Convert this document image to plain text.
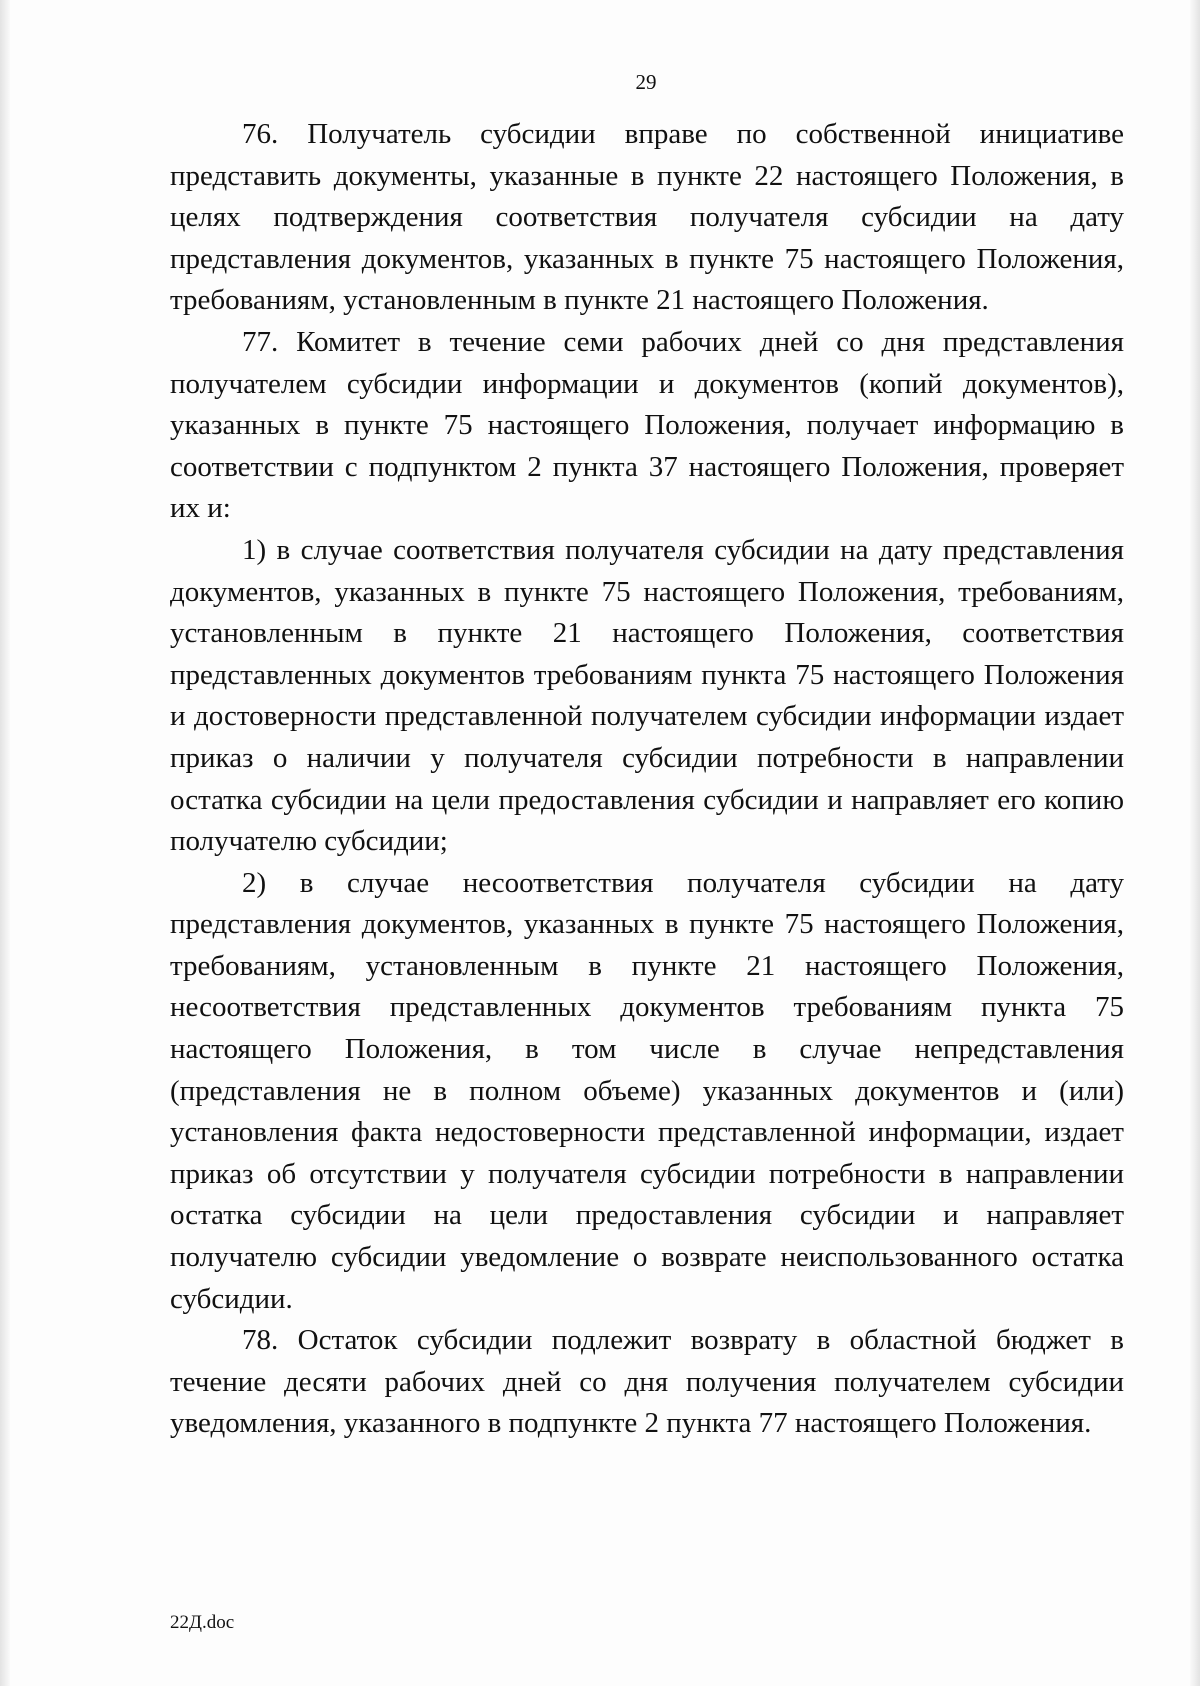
29

76. Получатель субсидии вправе по собственной инициативе представить документы, указанные в пункте 22 настоящего Положения, в целях подтверждения соответствия получателя субсидии на дату представления документов, указанных в пункте 75 настоящего Положения, требованиям, установленным в пункте 21 настоящего Положения.

77. Комитет в течение семи рабочих дней со дня представления получателем субсидии информации и документов (копий документов), указанных в пункте 75 настоящего Положения, получает информацию в соответствии с подпунктом 2 пункта 37 настоящего Положения, проверяет их и:

1) в случае соответствия получателя субсидии на дату представления документов, указанных в пункте 75 настоящего Положения, требованиям, установленным в пункте 21 настоящего Положения, соответствия представленных документов требованиям пункта 75 настоящего Положения и достоверности представленной получателем субсидии информации издает приказ о наличии у получателя субсидии потребности в направлении остатка субсидии на цели предоставления субсидии и направляет его копию получателю субсидии;

2) в случае несоответствия получателя субсидии на дату представления документов, указанных в пункте 75 настоящего Положения, требованиям, установленным в пункте 21 настоящего Положения, несоответствия представленных документов требованиям пункта 75 настоящего Положения, в том числе в случае непредставления (представления не в полном объеме) указанных документов и (или) установления факта недостоверности представленной информации, издает приказ об отсутствии у получателя субсидии потребности в направлении остатка субсидии на цели предоставления субсидии и направляет получателю субсидии уведомление о возврате неиспользованного остатка субсидии.

78. Остаток субсидии подлежит возврату в областной бюджет в течение десяти рабочих дней со дня получения получателем субсидии уведомления, указанного в подпункте 2 пункта 77 настоящего Положения.

22Д.doc
